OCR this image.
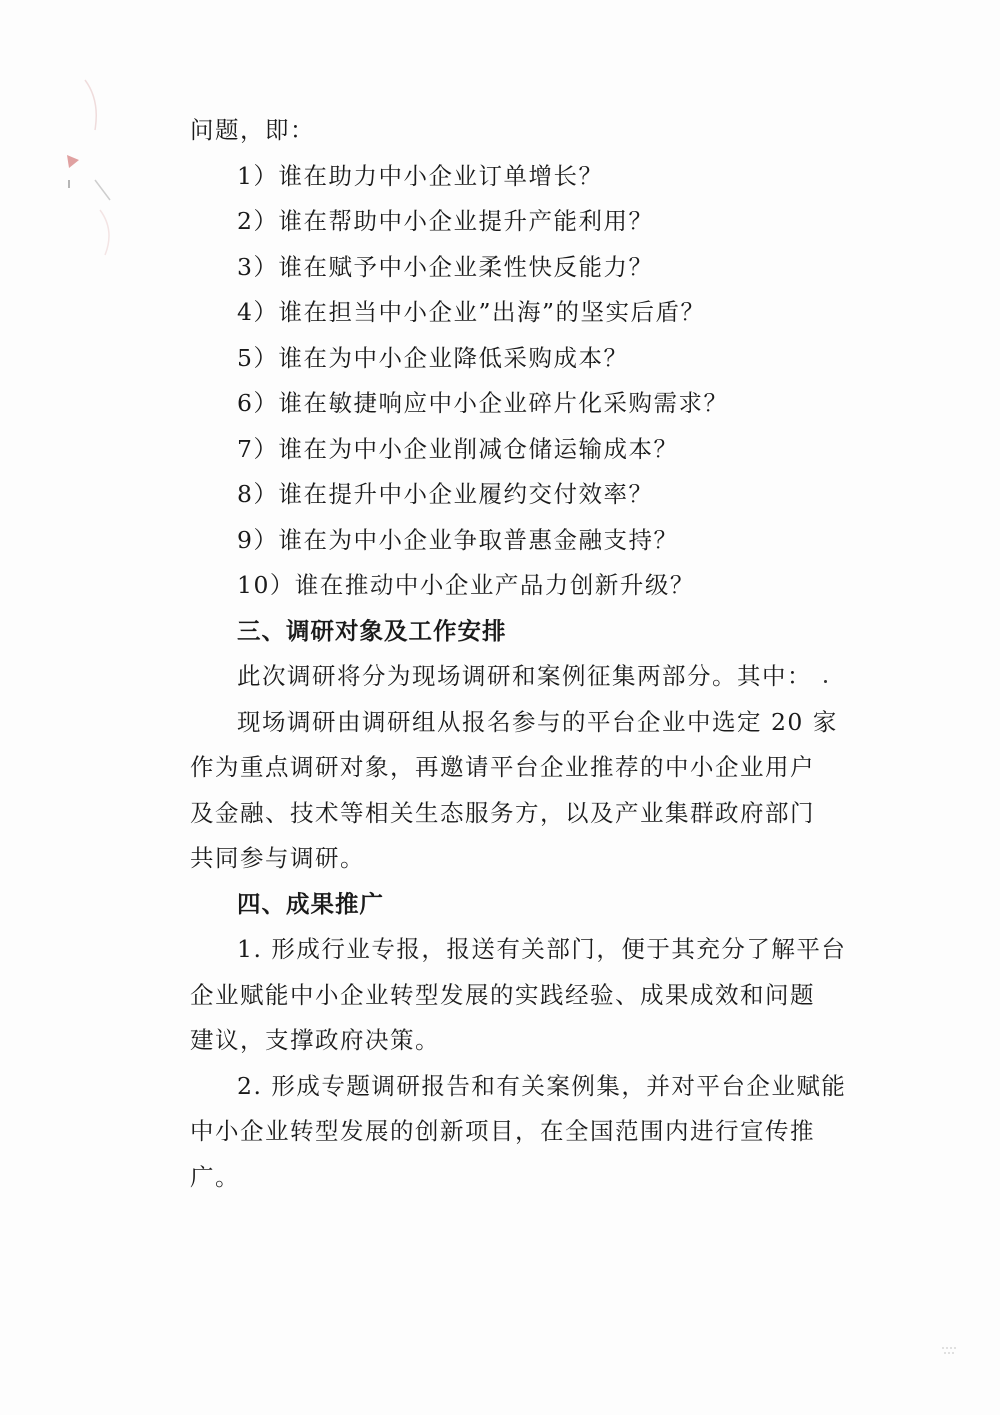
问题，即：
1）谁在助力中小企业订单增长？
2）谁在帮助中小企业提升产能利用？
3）谁在赋予中小企业柔性快反能力？
4）谁在担当中小企业”出海”的坚实后盾？
5）谁在为中小企业降低采购成本？
6）谁在敏捷响应中小企业碎片化采购需求？
7）谁在为中小企业削减仓储运输成本？
8）谁在提升中小企业履约交付效率？
9）谁在为中小企业争取普惠金融支持？
10）谁在推动中小企业产品力创新升级？
三、调研对象及工作安排
此次调研将分为现场调研和案例征集两部分。其中：
现场调研由调研组从报名参与的平台企业中选定 20 家
作为重点调研对象，再邀请平台企业推荐的中小企业用户
及金融、技术等相关生态服务方，以及产业集群政府部门
共同参与调研。
四、成果推广
1. 形成行业专报，报送有关部门，便于其充分了解平台
企业赋能中小企业转型发展的实践经验、成果成效和问题
建议，支撑政府决策。
2. 形成专题调研报告和有关案例集，并对平台企业赋能
中小企业转型发展的创新项目，在全国范围内进行宣传推
广。
